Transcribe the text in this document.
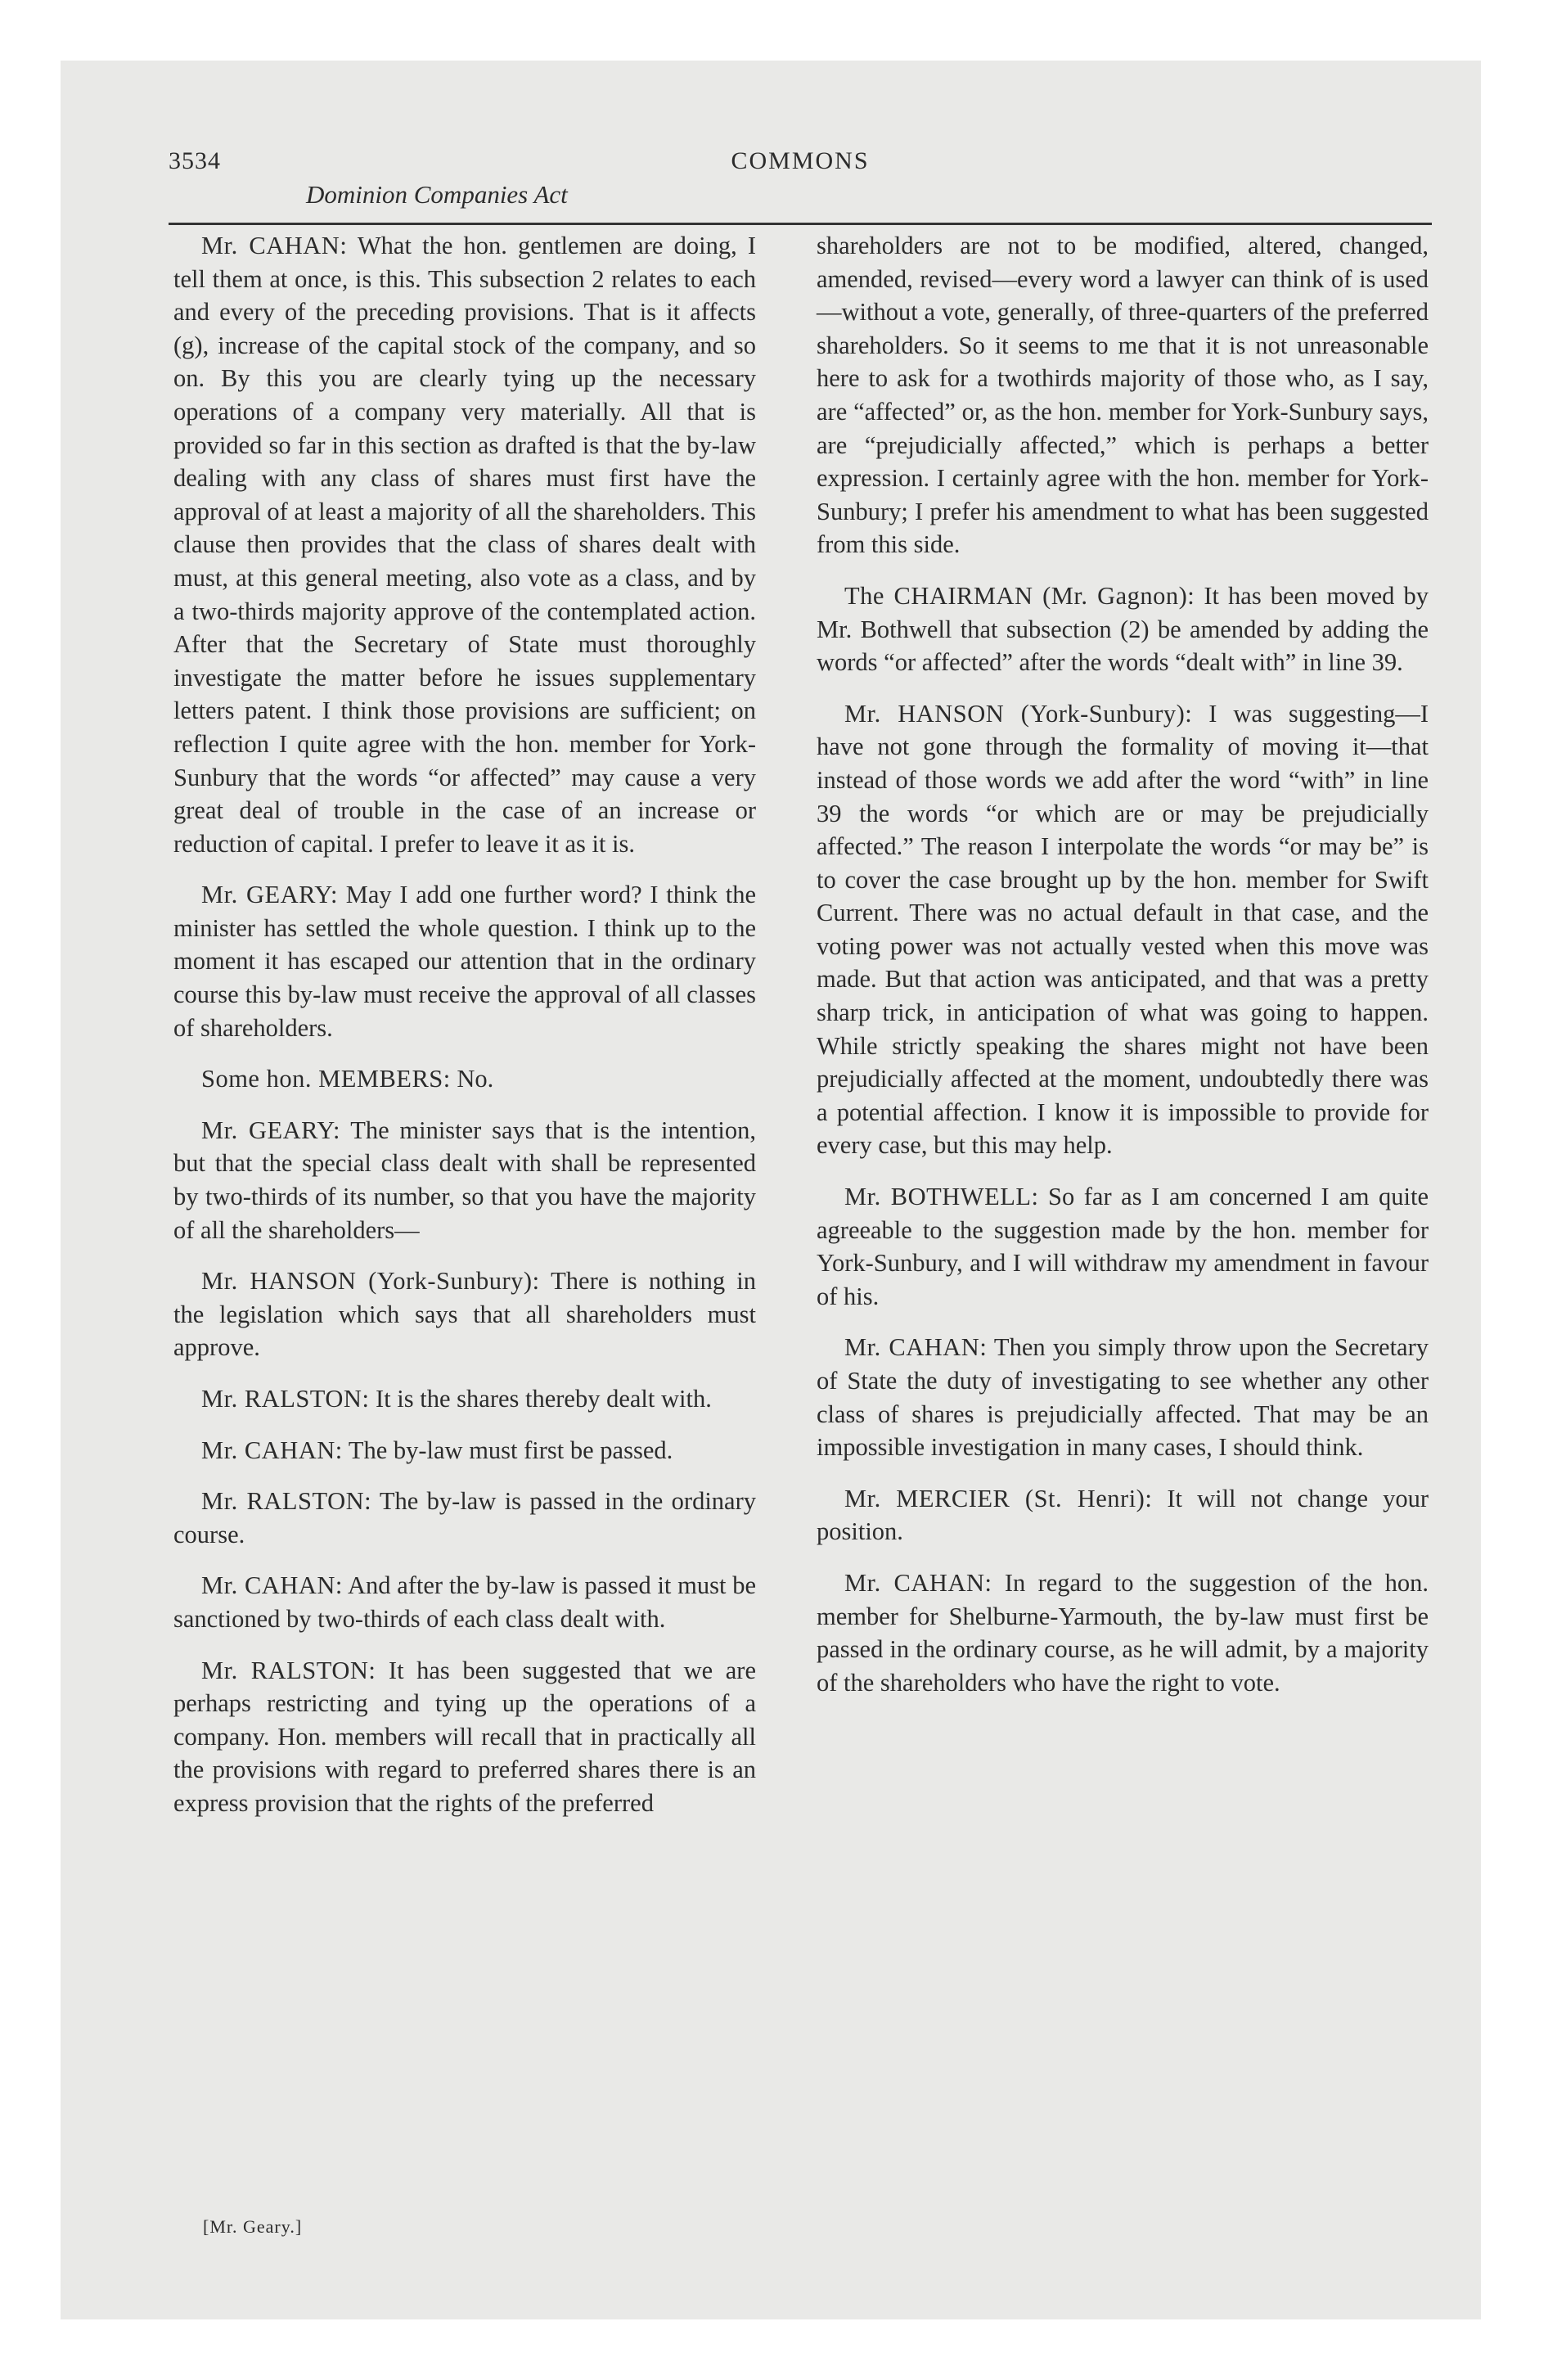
3534	COMMONS
Dominion Companies Act

Mr. CAHAN: What the hon. gentlemen are doing, I tell them at once, is this. This subsection 2 relates to each and every of the preceding provisions. That is it affects (g), increase of the capital stock of the company, and so on. By this you are clearly tying up the necessary operations of a company very materially. All that is provided so far in this section as drafted is that the by-law dealing with any class of shares must first have the approval of at least a majority of all the shareholders. This clause then provides that the class of shares dealt with must, at this general meeting, also vote as a class, and by a two-thirds majority approve of the contemplated action. After that the Secretary of State must thoroughly investigate the matter before he issues supplementary letters patent. I think those provisions are sufficient; on reflection I quite agree with the hon. member for York-Sunbury that the words “or affected” may cause a very great deal of trouble in the case of an increase or reduction of capital. I prefer to leave it as it is.

Mr. GEARY: May I add one further word? I think the minister has settled the whole question. I think up to the moment it has escaped our attention that in the ordinary course this by-law must receive the approval of all classes of shareholders.

Some hon. MEMBERS: No.

Mr. GEARY: The minister says that is the intention, but that the special class dealt with shall be represented by two-thirds of its number, so that you have the majority of all the shareholders—

Mr. HANSON (York-Sunbury): There is nothing in the legislation which says that all shareholders must approve.

Mr. RALSTON: It is the shares thereby dealt with.

Mr. CAHAN: The by-law must first be passed.

Mr. RALSTON: The by-law is passed in the ordinary course.

Mr. CAHAN: And after the by-law is passed it must be sanctioned by two-thirds of each class dealt with.

Mr. RALSTON: It has been suggested that we are perhaps restricting and tying up the operations of a company. Hon. members will recall that in practically all the provisions with regard to preferred shares there is an express provision that the rights of the preferred

shareholders are not to be modified, altered, changed, amended, revised—every word a lawyer can think of is used—without a vote, generally, of three-quarters of the preferred shareholders. So it seems to me that it is not unreasonable here to ask for a twothirds majority of those who, as I say, are “affected” or, as the hon. member for York-Sunbury says, are “prejudicially affected,” which is perhaps a better expression. I certainly agree with the hon. member for York-Sunbury; I prefer his amendment to what has been suggested from this side.

The CHAIRMAN (Mr. Gagnon): It has been moved by Mr. Bothwell that subsection (2) be amended by adding the words “or affected” after the words “dealt with” in line 39.

Mr. HANSON (York-Sunbury): I was suggesting—I have not gone through the formality of moving it—that instead of those words we add after the word “with” in line 39 the words “or which are or may be prejudicially affected.” The reason I interpolate the words “or may be” is to cover the case brought up by the hon. member for Swift Current. There was no actual default in that case, and the voting power was not actually vested when this move was made. But that action was anticipated, and that was a pretty sharp trick, in anticipation of what was going to happen. While strictly speaking the shares might not have been prejudicially affected at the moment, undoubtedly there was a potential affection. I know it is impossible to provide for every case, but this may help.

Mr. BOTHWELL: So far as I am concerned I am quite agreeable to the suggestion made by the hon. member for York-Sunbury, and I will withdraw my amendment in favour of his.

Mr. CAHAN: Then you simply throw upon the Secretary of State the duty of investigating to see whether any other class of shares is prejudicially affected. That may be an impossible investigation in many cases, I should think.

Mr. MERCIER (St. Henri): It will not change your position.

Mr. CAHAN: In regard to the suggestion of the hon. member for Shelburne-Yarmouth, the by-law must first be passed in the ordinary course, as he will admit, by a majority of the shareholders who have the right to vote.

[Mr. Geary.]
